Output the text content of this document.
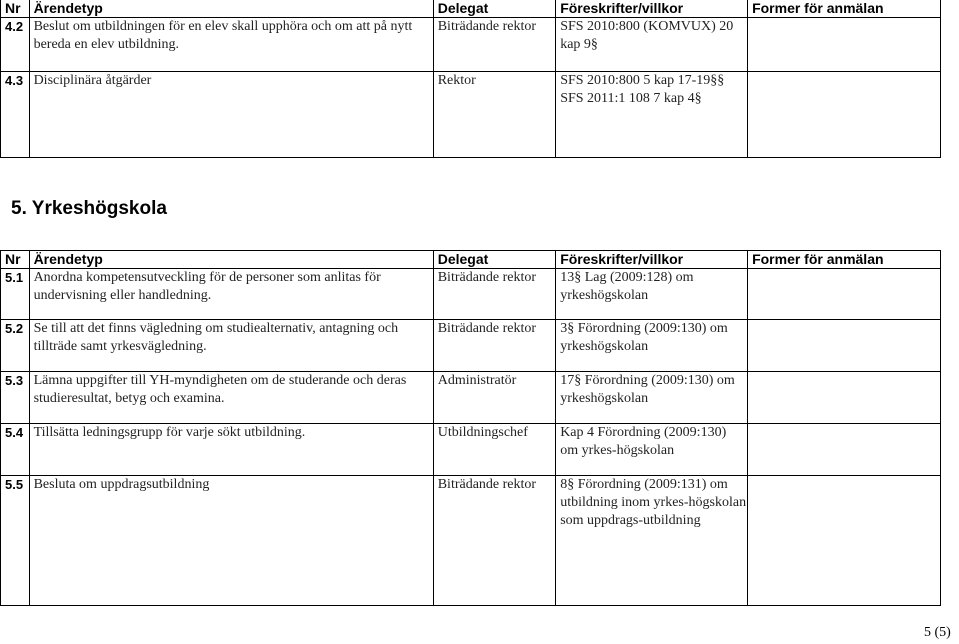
Nr	Ärendetyp	Delegat	Föreskrifter/villkor	Former för anmälan
4.2	Beslut om utbildningen för en elev skall upphöra och om att på nytt bereda en elev utbildning.	Biträdande rektor	SFS 2010:800 (KOMVUX) 20 kap 9§	
4.3	Disciplinära åtgärder	Rektor	SFS 2010:800 5 kap 17-19§§ SFS 2011:1 108 7 kap 4§	
5. Yrkeshögskola
Nr	Ärendetyp	Delegat	Föreskrifter/villkor	Former för anmälan
5.1	Anordna kompetensutveckling för de personer som anlitas för undervisning eller handledning.	Biträdande rektor	13§ Lag (2009:128) om yrkeshögskolan	
5.2	Se till att det finns vägledning om studiealternativ, antagning och tillträde samt yrkesvägledning.	Biträdande rektor	3§ Förordning (2009:130) om yrkeshögskolan	
5.3	Lämna uppgifter till YH-myndigheten om de studerande och deras studieresultat, betyg och examina.	Administratör	17§ Förordning (2009:130) om yrkeshögskolan	
5.4	Tillsätta ledningsgrupp för varje sökt utbildning.	Utbildningschef	Kap 4 Förordning (2009:130) om yrkes-högskolan	
5.5	Besluta om uppdragsutbildning	Biträdande rektor	8§ Förordning (2009:131) om utbildning inom yrkes-högskolan som uppdrags-utbildning	
5 (5)
